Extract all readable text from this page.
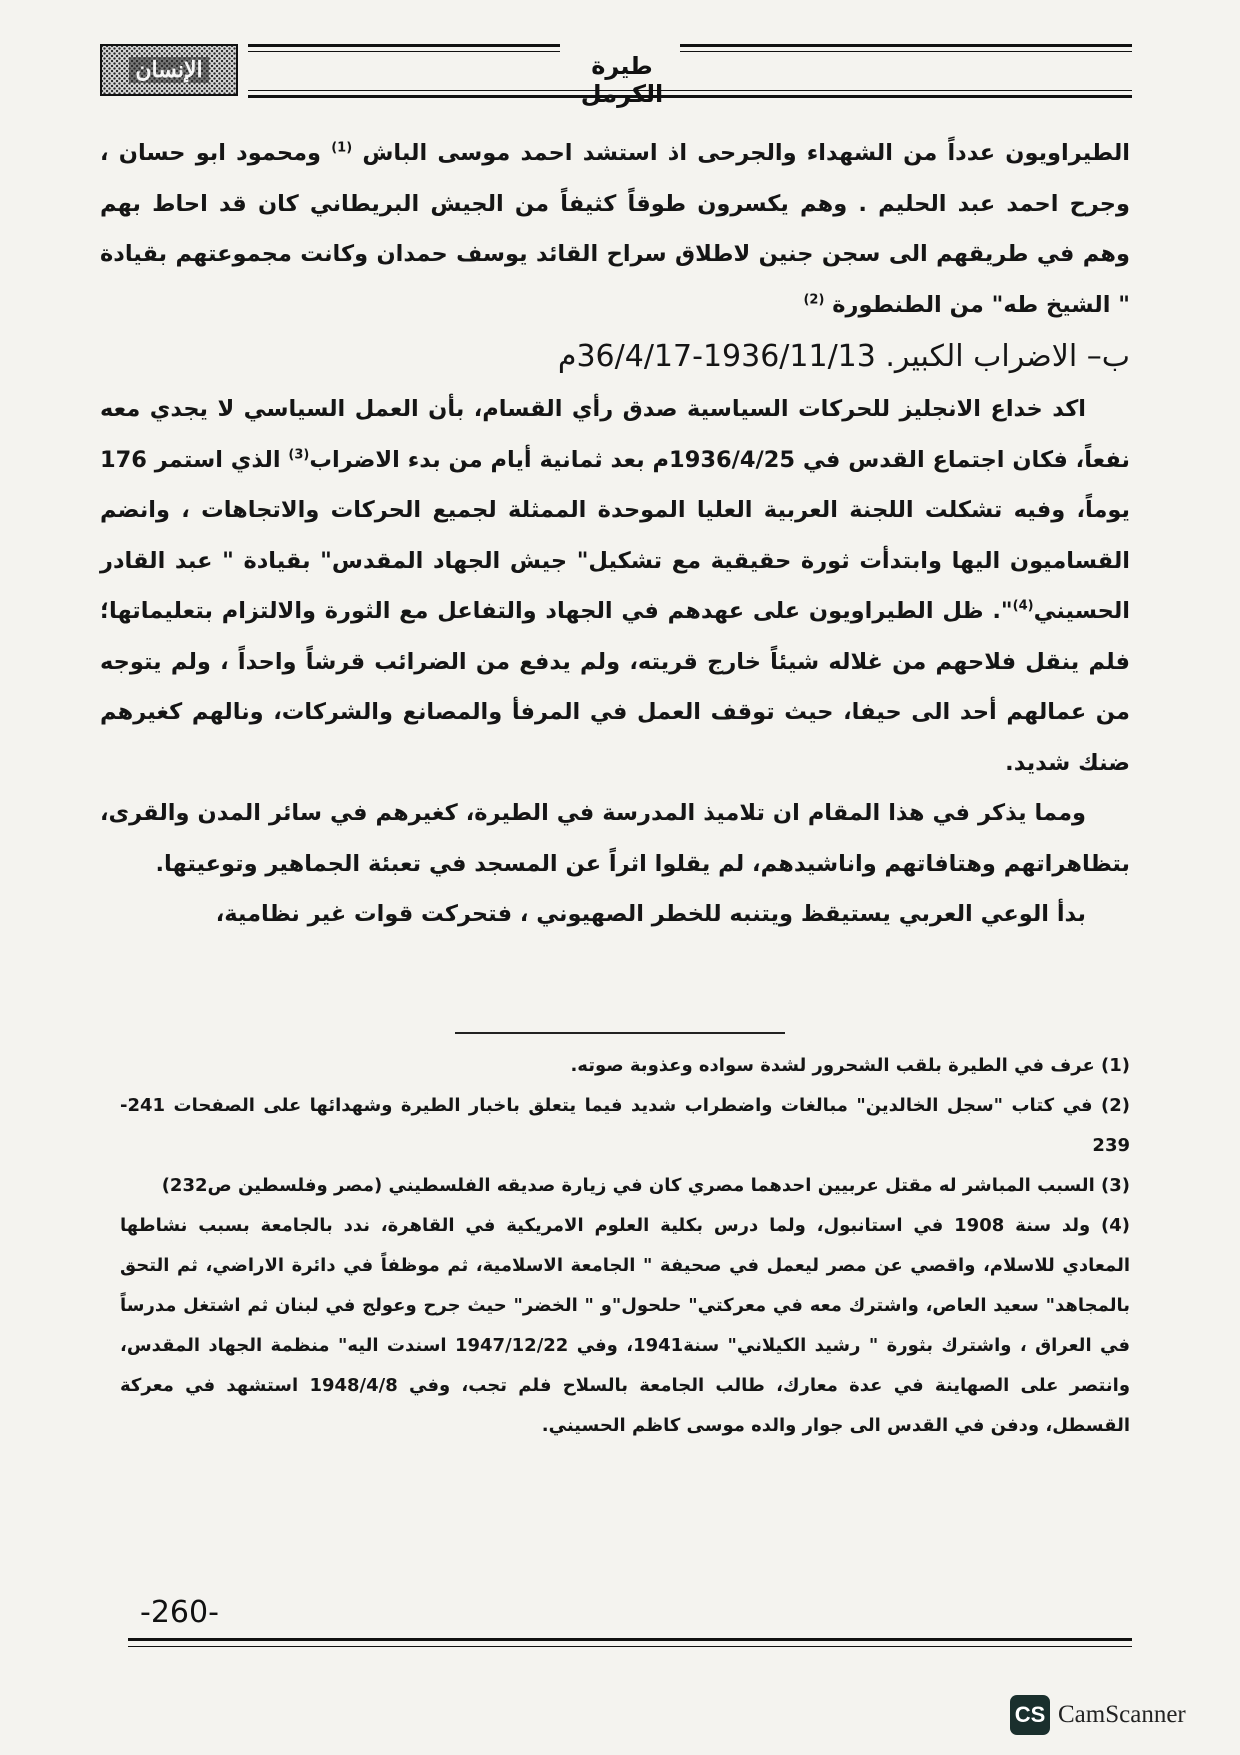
الإنسان	طيرة الكرمل

الطيراويون عدداً من الشهداء والجرحى اذ استشد احمد موسى الباش $^{(1)}$ ومحمود ابو حسان ، وجرح احمد عبد الحليم . وهم يكسرون طوقاً كثيفاً من الجيش البريطاني كان قد احاط بهم وهم في طريقهم الى سجن جنين لاطلاق سراح القائد يوسف حمدان وكانت مجموعتهم بقيادة " الشيخ طه" من الطنطورة $^{(2)}$

ب– الاضراب الكبير. 1936/11/13-36/4/17م

اكد خداع الانجليز للحركات السياسية صدق رأي القسام، بأن العمل السياسي لا يجدي معه نفعاً، فكان اجتماع القدس في 1936/4/25م بعد ثمانية أيام من بدء الاضراب$^{(3)}$ الذي استمر 176 يوماً، وفيه تشكلت اللجنة العربية العليا الموحدة الممثلة لجميع الحركات والاتجاهات ، وانضم القساميون اليها وابتدأت ثورة حقيقية مع تشكيل" جيش الجهاد المقدس" بقيادة " عبد القادر الحسيني$^{(4)}$". ظل الطيراويون على عهدهم في الجهاد والتفاعل مع الثورة والالتزام بتعليماتها؛ فلم ينقل فلاحهم من غلاله شيئاً خارج قريته، ولم يدفع من الضرائب قرشاً واحداً ، ولم يتوجه من عمالهم أحد الى حيفا، حيث توقف العمل في المرفأ والمصانع والشركات، ونالهم كغيرهم ضنك شديد.

ومما يذكر في هذا المقام ان تلاميذ المدرسة في الطيرة، كغيرهم في سائر المدن والقرى، بتظاهراتهم وهتافاتهم واناشيدهم، لم يقلوا اثراً عن المسجد في تعبئة الجماهير وتوعيتها.

بدأ الوعي العربي يستيقظ ويتنبه للخطر الصهيوني ، فتحركت قوات غير نظامية،

(1) عرف في الطيرة بلقب الشحرور لشدة سواده وعذوبة صوته.

(2) في كتاب "سجل الخالدين" مبالغات واضطراب شديد فيما يتعلق باخبار الطيرة وشهدائها على الصفحات 241-239

(3) السبب المباشر له مقتل عربيين احدهما مصري كان في زيارة صديقه الفلسطيني (مصر وفلسطين ص232)

(4) ولد سنة 1908 في استانبول، ولما درس بكلية العلوم الامريكية في القاهرة، ندد بالجامعة بسبب نشاطها المعادي للاسلام، واقصي عن مصر ليعمل في صحيفة " الجامعة الاسلامية، ثم موظفاً في دائرة الاراضي، ثم التحق بالمجاهد" سعيد العاص، واشترك معه في معركتي" حلحول"و " الخضر" حيث جرح وعولج في لبنان ثم اشتغل مدرساً في العراق ، واشترك بثورة " رشيد الكيلاني" سنة1941، وفي 1947/12/22 اسندت اليه" منظمة الجهاد المقدس، وانتصر على الصهاينة في عدة معارك، طالب الجامعة بالسلاح فلم تجب، وفي 1948/4/8 استشهد في معركة القسطل، ودفن في القدس الى جوار والده موسى كاظم الحسيني.

-260-
CS CamScanner
